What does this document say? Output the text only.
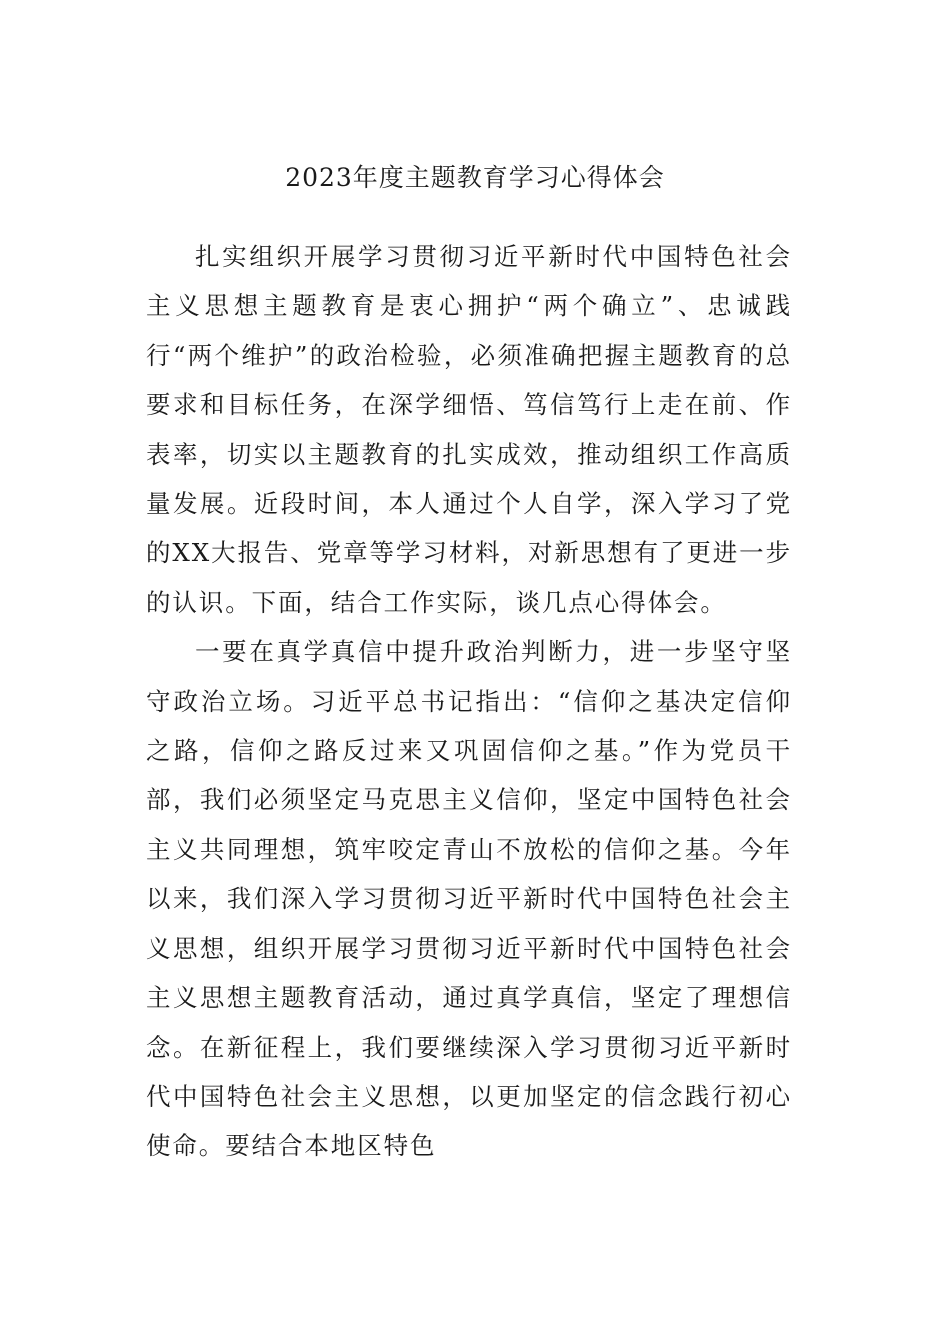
2023年度主题教育学习心得体会

扎实组织开展学习贯彻习近平新时代中国特色社会主义思想主题教育是衷心拥护“两个确立”、忠诚践行“两个维护”的政治检验，必须准确把握主题教育的总要求和目标任务，在深学细悟、笃信笃行上走在前、作表率，切实以主题教育的扎实成效，推动组织工作高质量发展。近段时间，本人通过个人自学，深入学习了党的XX大报告、党章等学习材料，对新思想有了更进一步的认识。下面，结合工作实际，谈几点心得体会。

一要在真学真信中提升政治判断力，进一步坚守坚守政治立场。习近平总书记指出：“信仰之基决定信仰之路，信仰之路反过来又巩固信仰之基。”作为党员干部，我们必须坚定马克思主义信仰，坚定中国特色社会主义共同理想，筑牢咬定青山不放松的信仰之基。今年以来，我们深入学习贯彻习近平新时代中国特色社会主义思想，组织开展学习贯彻习近平新时代中国特色社会主义思想主题教育活动，通过真学真信，坚定了理想信念。在新征程上，我们要继续深入学习贯彻习近平新时代中国特色社会主义思想，以更加坚定的信念践行初心使命。要结合本地区特色
